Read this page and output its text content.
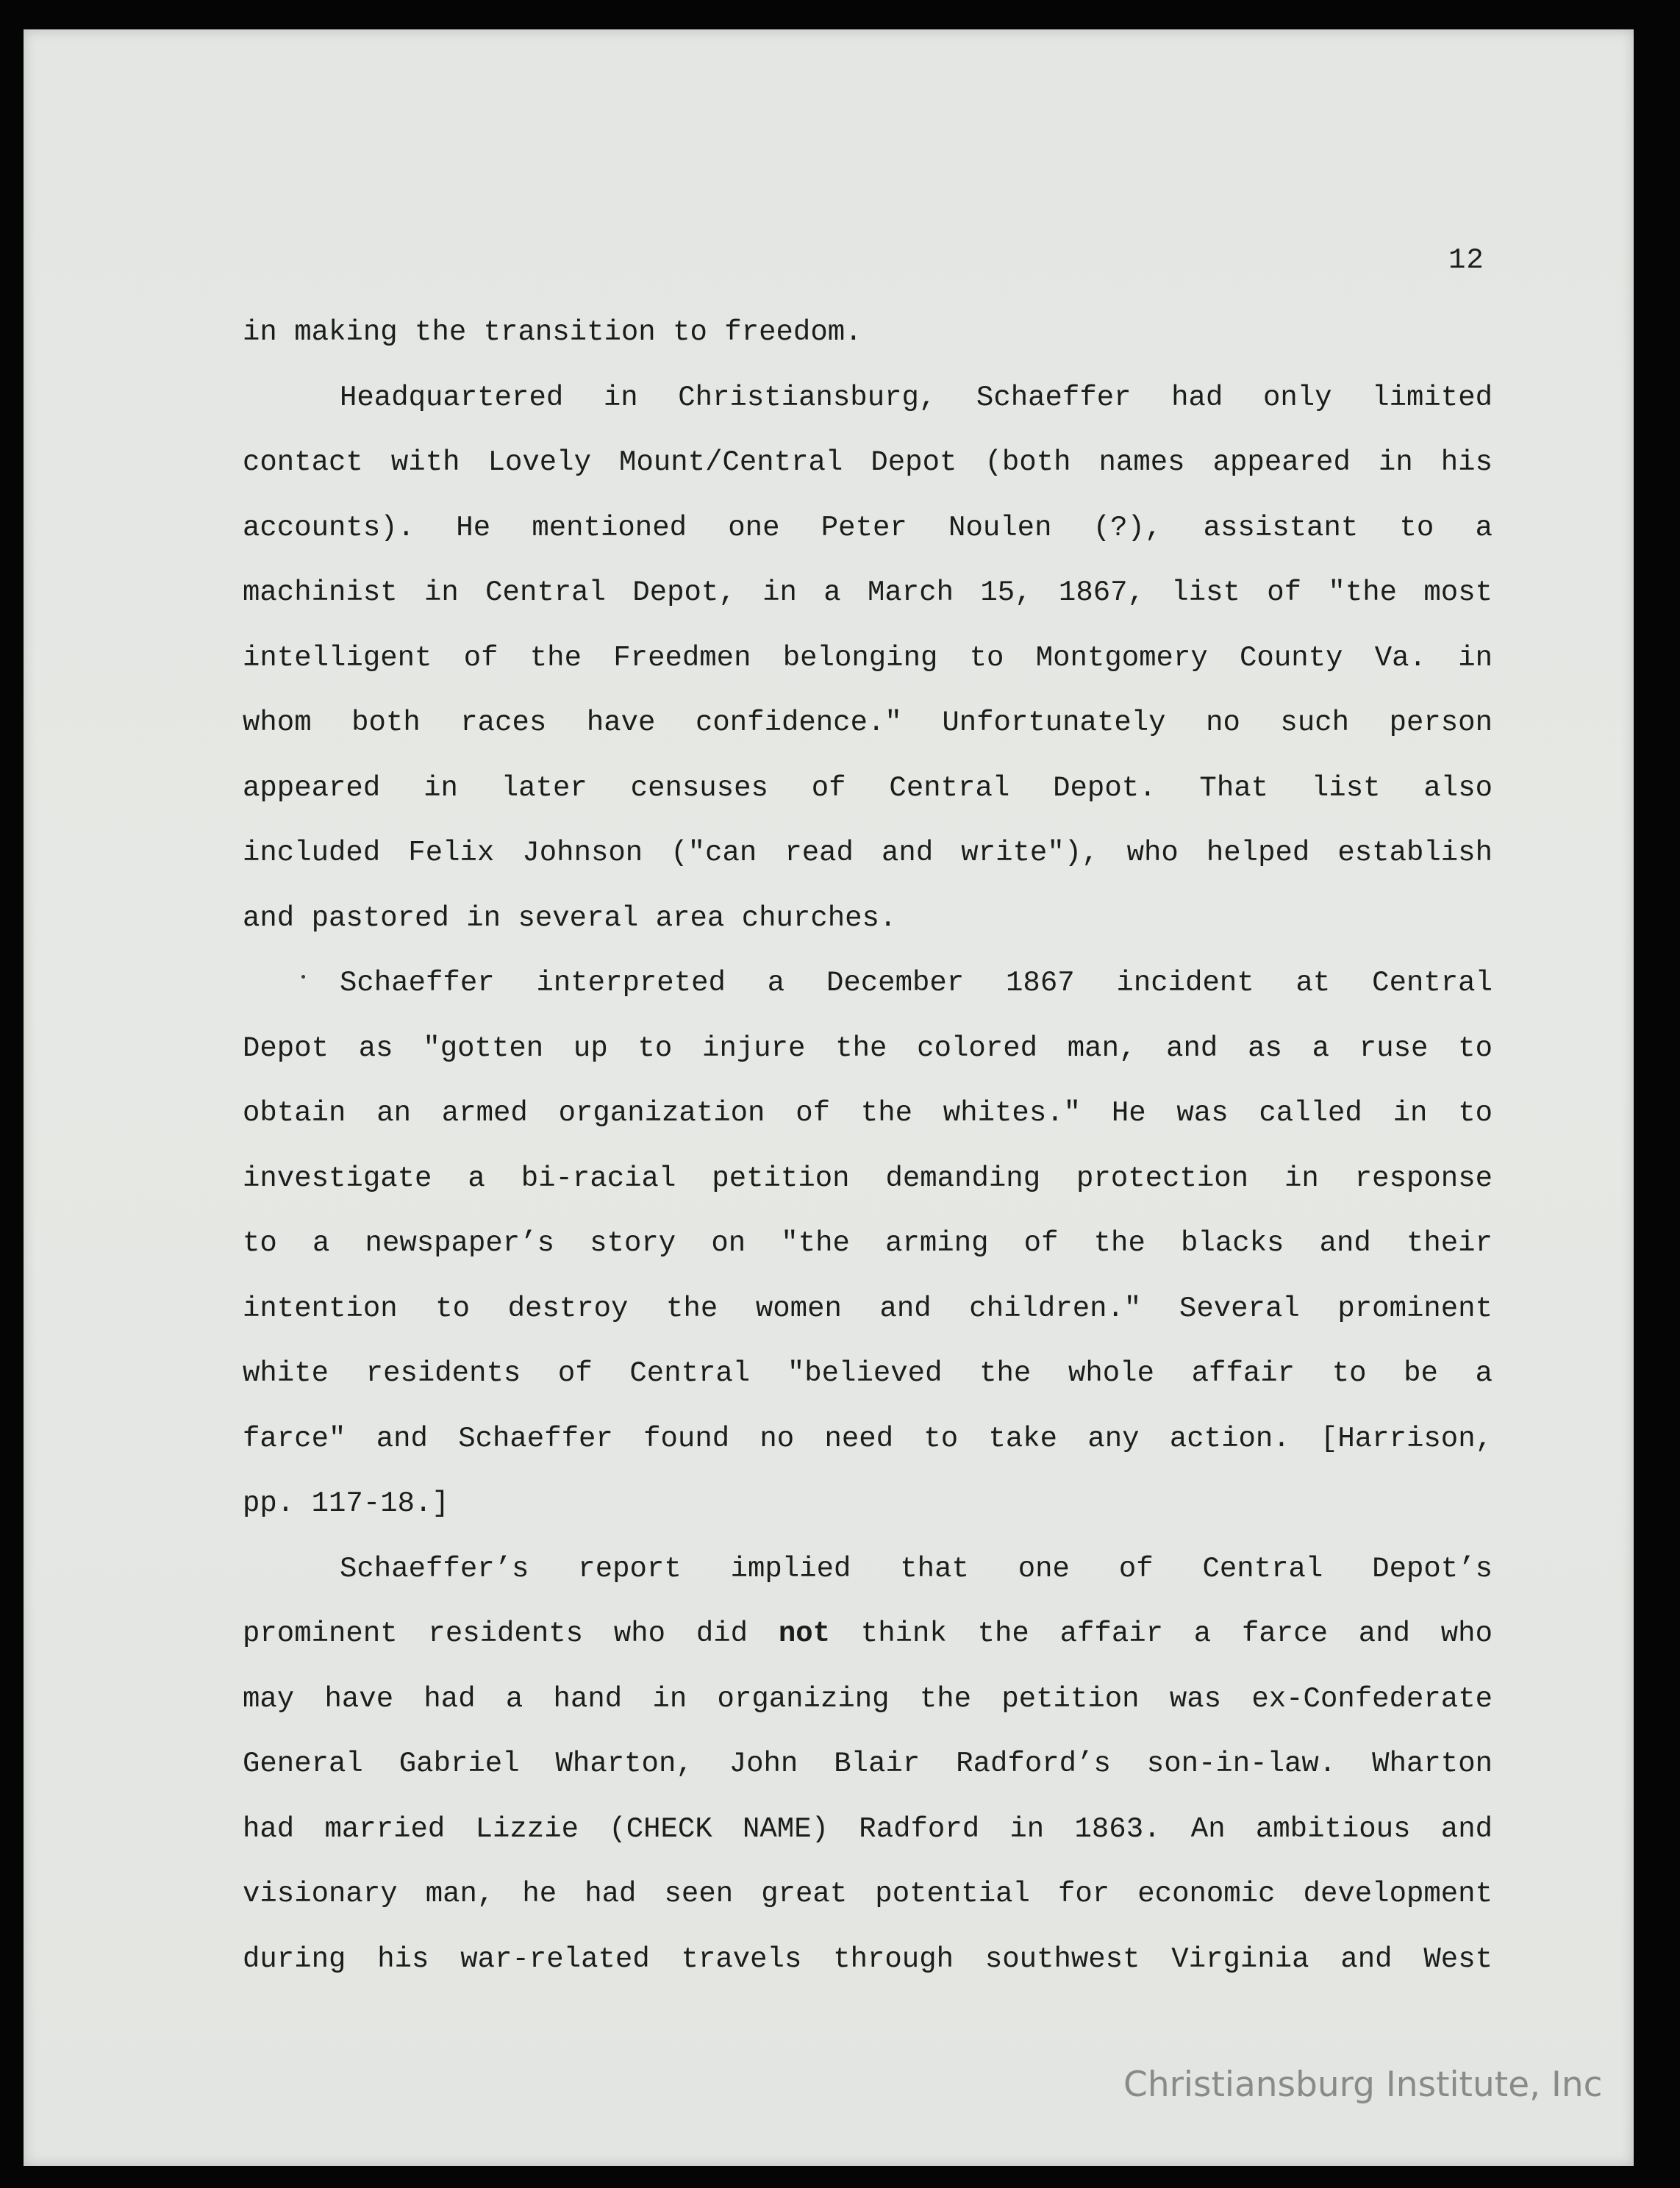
12
in making the transition to freedom.
Headquartered in Christiansburg, Schaeffer had only limited
contact with Lovely Mount/Central Depot (both names appeared in his
accounts). He mentioned one Peter Noulen (?), assistant to a
machinist in Central Depot, in a March 15, 1867, list of "the most
intelligent of the Freedmen belonging to Montgomery County Va. in
whom both races have confidence." Unfortunately no such person
appeared in later censuses of Central Depot. That list also
included Felix Johnson ("can read and write"), who helped establish
and pastored in several area churches.
Schaeffer interpreted a December 1867 incident at Central
Depot as "gotten up to injure the colored man, and as a ruse to
obtain an armed organization of the whites." He was called in to
investigate a bi-racial petition demanding protection in response
to a newspaper’s story on "the arming of the blacks and their
intention to destroy the women and children." Several prominent
white residents of Central "believed the whole affair to be a
farce" and Schaeffer found no need to take any action. [Harrison,
pp. 117-18.]
Schaeffer’s report implied that one of Central Depot’s
prominent residents who did not think the affair a farce and who
may have had a hand in organizing the petition was ex-Confederate
General Gabriel Wharton, John Blair Radford’s son-in-law. Wharton
had married Lizzie (CHECK NAME) Radford in 1863. An ambitious and
visionary man, he had seen great potential for economic development
during his war-related travels through southwest Virginia and West
Christiansburg Institute, Inc
